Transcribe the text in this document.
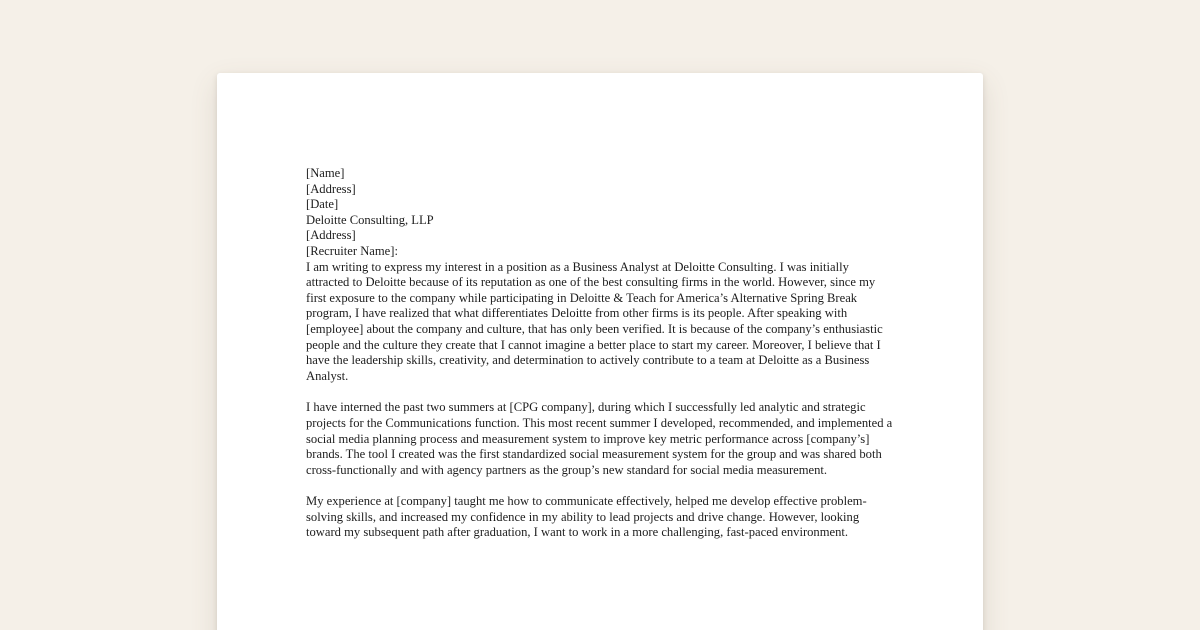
[Name]
[Address]
[Date]
Deloitte Consulting, LLP
[Address]
[Recruiter Name]:

I am writing to express my interest in a position as a Business Analyst at Deloitte Consulting. I was initially attracted to Deloitte because of its reputation as one of the best consulting firms in the world. However, since my first exposure to the company while participating in Deloitte & Teach for America’s Alternative Spring Break program, I have realized that what differentiates Deloitte from other firms is its people. After speaking with [employee] about the company and culture, that has only been verified. It is because of the company’s enthusiastic people and the culture they create that I cannot imagine a better place to start my career. Moreover, I believe that I have the leadership skills, creativity, and determination to actively contribute to a team at Deloitte as a Business Analyst.

I have interned the past two summers at [CPG company], during which I successfully led analytic and strategic projects for the Communications function. This most recent summer I developed, recommended, and implemented a social media planning process and measurement system to improve key metric performance across [company’s] brands. The tool I created was the first standardized social measurement system for the group and was shared both cross-functionally and with agency partners as the group’s new standard for social media measurement.

My experience at [company] taught me how to communicate effectively, helped me develop effective problem-solving skills, and increased my confidence in my ability to lead projects and drive change. However, looking toward my subsequent path after graduation, I want to work in a more challenging, fast-paced environment.
